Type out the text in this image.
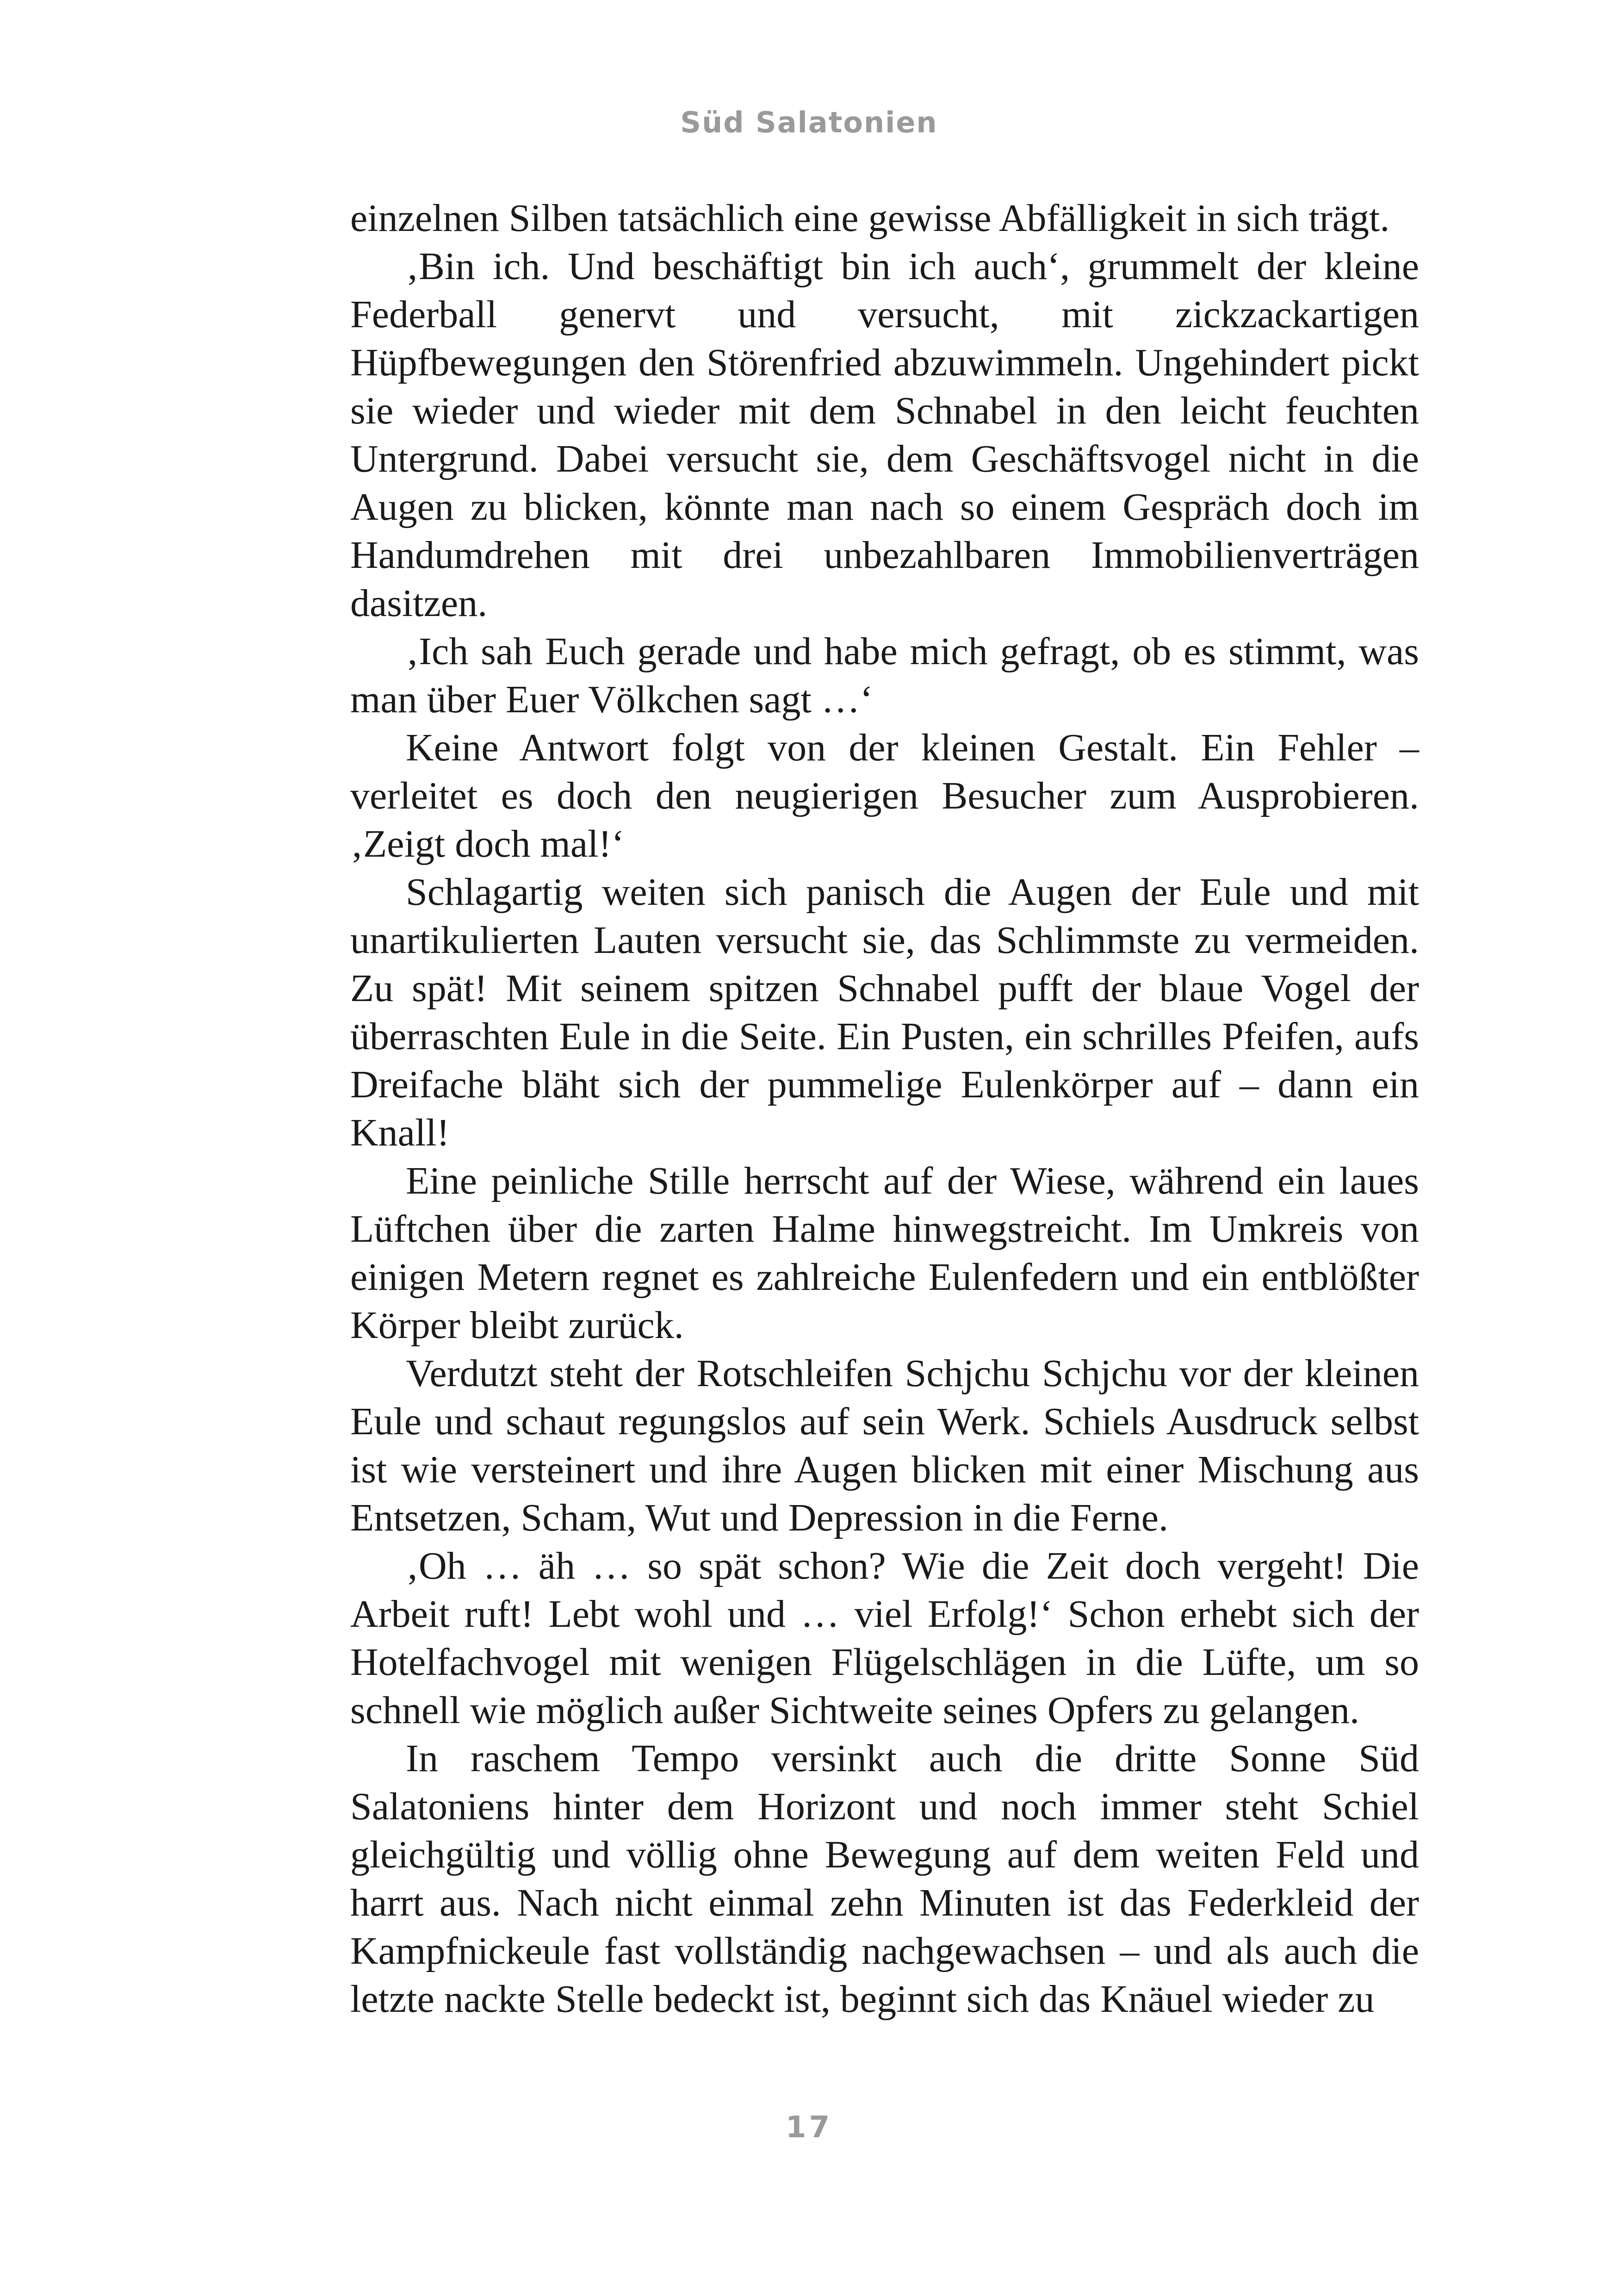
Süd Salatonien

einzelnen Silben tatsächlich eine gewisse Abfälligkeit in sich trägt.

‚Bin ich. Und beschäftigt bin ich auch‘, grummelt der kleine Federball genervt und versucht, mit zickzackartigen Hüpfbewegungen den Störenfried abzuwimmeln. Ungehindert pickt sie wieder und wieder mit dem Schnabel in den leicht feuchten Untergrund. Dabei versucht sie, dem Geschäftsvogel nicht in die Augen zu blicken, könnte man nach so einem Gespräch doch im Handumdrehen mit drei unbezahlbaren Immobilienverträgen dasitzen.

‚Ich sah Euch gerade und habe mich gefragt, ob es stimmt, was man über Euer Völkchen sagt …‘

Keine Antwort folgt von der kleinen Gestalt. Ein Fehler – verleitet es doch den neugierigen Besucher zum Ausprobieren. ‚Zeigt doch mal!‘

Schlagartig weiten sich panisch die Augen der Eule und mit unartikulierten Lauten versucht sie, das Schlimmste zu vermeiden. Zu spät! Mit seinem spitzen Schnabel pufft der blaue Vogel der überraschten Eule in die Seite. Ein Pusten, ein schrilles Pfeifen, aufs Dreifache bläht sich der pummelige Eulenkörper auf – dann ein Knall!

Eine peinliche Stille herrscht auf der Wiese, während ein laues Lüftchen über die zarten Halme hinwegstreicht. Im Umkreis von einigen Metern regnet es zahlreiche Eulenfedern und ein entblößter Körper bleibt zurück.

Verdutzt steht der Rotschleifen Schjchu Schjchu vor der kleinen Eule und schaut regungslos auf sein Werk. Schiels Ausdruck selbst ist wie versteinert und ihre Augen blicken mit einer Mischung aus Entsetzen, Scham, Wut und Depression in die Ferne.

‚Oh … äh … so spät schon? Wie die Zeit doch vergeht! Die Arbeit ruft! Lebt wohl und … viel Erfolg!‘ Schon erhebt sich der Hotelfachvogel mit wenigen Flügelschlägen in die Lüfte, um so schnell wie möglich außer Sichtweite seines Opfers zu gelangen.

In raschem Tempo versinkt auch die dritte Sonne Süd Salatoniens hinter dem Horizont und noch immer steht Schiel gleichgültig und völlig ohne Bewegung auf dem weiten Feld und harrt aus. Nach nicht einmal zehn Minuten ist das Federkleid der Kampfnickeule fast vollständig nachgewachsen – und als auch die letzte nackte Stelle bedeckt ist, beginnt sich das Knäuel wieder zu

17
